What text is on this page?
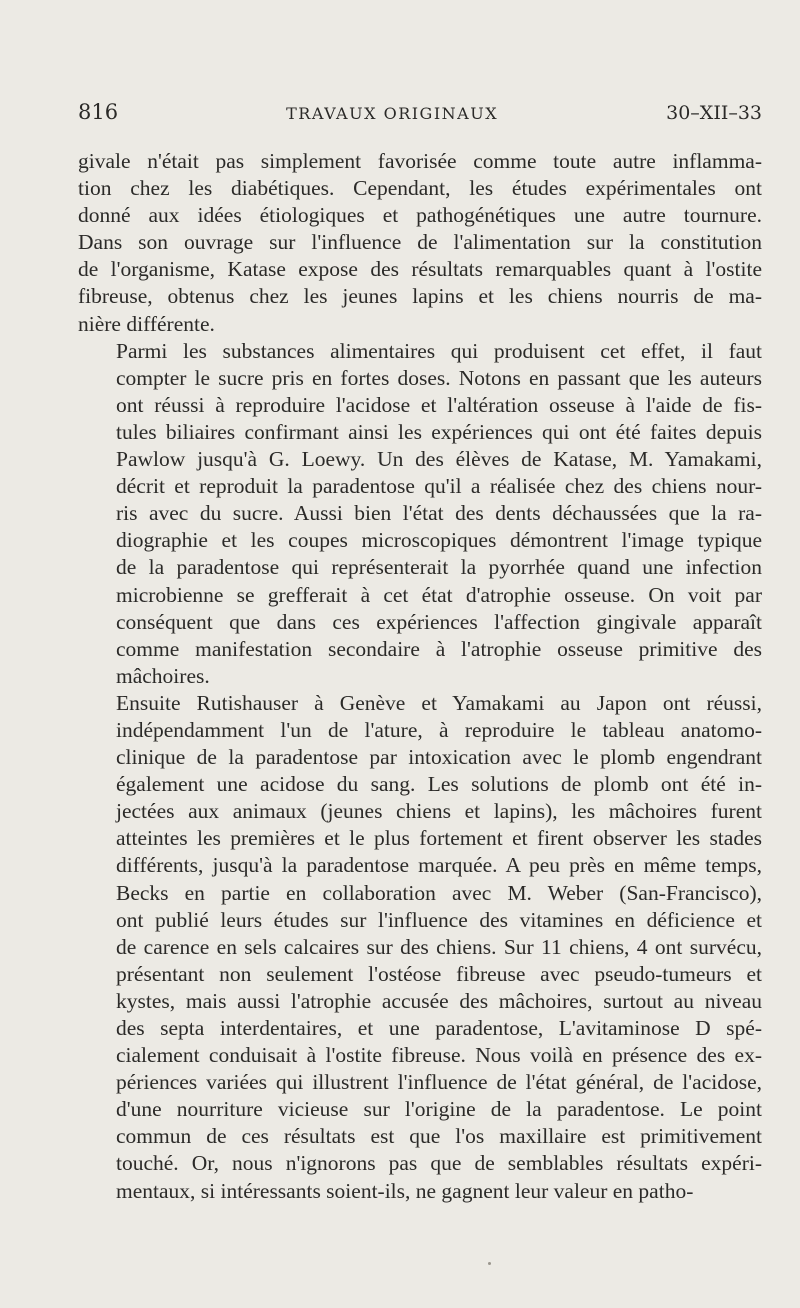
816	TRAVAUX ORIGINAUX	30–XII–33

givale n'était pas simplement favorisée comme toute autre inflamma-
tion chez les diabétiques. Cependant, les études expérimentales ont
donné aux idées étiologiques et pathogénétiques une autre tournure.
Dans son ouvrage sur l'influence de l'alimentation sur la constitution
de l'organisme, Katase expose des résultats remarquables quant à l'ostite
fibreuse, obtenus chez les jeunes lapins et les chiens nourris de ma-
nière différente.

Parmi les substances alimentaires qui produisent cet effet, il faut
compter le sucre pris en fortes doses. Notons en passant que les auteurs
ont réussi à reproduire l'acidose et l'altération osseuse à l'aide de fis-
tules biliaires confirmant ainsi les expériences qui ont été faites depuis
Pawlow jusqu'à G. Loewy. Un des élèves de Katase, M. Yamakami,
décrit et reproduit la paradentose qu'il a réalisée chez des chiens nour-
ris avec du sucre. Aussi bien l'état des dents déchaussées que la ra-
diographie et les coupes microscopiques démontrent l'image typique
de la paradentose qui représenterait la pyorrhée quand une infection
microbienne se grefferait à cet état d'atrophie osseuse. On voit par
conséquent que dans ces expériences l'affection gingivale apparaît
comme manifestation secondaire à l'atrophie osseuse primitive des
mâchoires.

Ensuite Rutishauser à Genève et Yamakami au Japon ont réussi,
indépendamment l'un de l'ature, à reproduire le tableau anatomo-
clinique de la paradentose par intoxication avec le plomb engendrant
également une acidose du sang. Les solutions de plomb ont été in-
jectées aux animaux (jeunes chiens et lapins), les mâchoires furent
atteintes les premières et le plus fortement et firent observer les stades
différents, jusqu'à la paradentose marquée. A peu près en même temps,
Becks en partie en collaboration avec M. Weber (San-Francisco),
ont publié leurs études sur l'influence des vitamines en déficience et
de carence en sels calcaires sur des chiens. Sur 11 chiens, 4 ont survécu,
présentant non seulement l'ostéose fibreuse avec pseudo-tumeurs et
kystes, mais aussi l'atrophie accusée des mâchoires, surtout au niveau
des septa interdentaires, et une paradentose, L'avitaminose D spé-
cialement conduisait à l'ostite fibreuse. Nous voilà en présence des ex-
périences variées qui illustrent l'influence de l'état général, de l'acidose,
d'une nourriture vicieuse sur l'origine de la paradentose. Le point
commun de ces résultats est que l'os maxillaire est primitivement
touché. Or, nous n'ignorons pas que de semblables résultats expéri-
mentaux, si intéressants soient-ils, ne gagnent leur valeur en patho-
